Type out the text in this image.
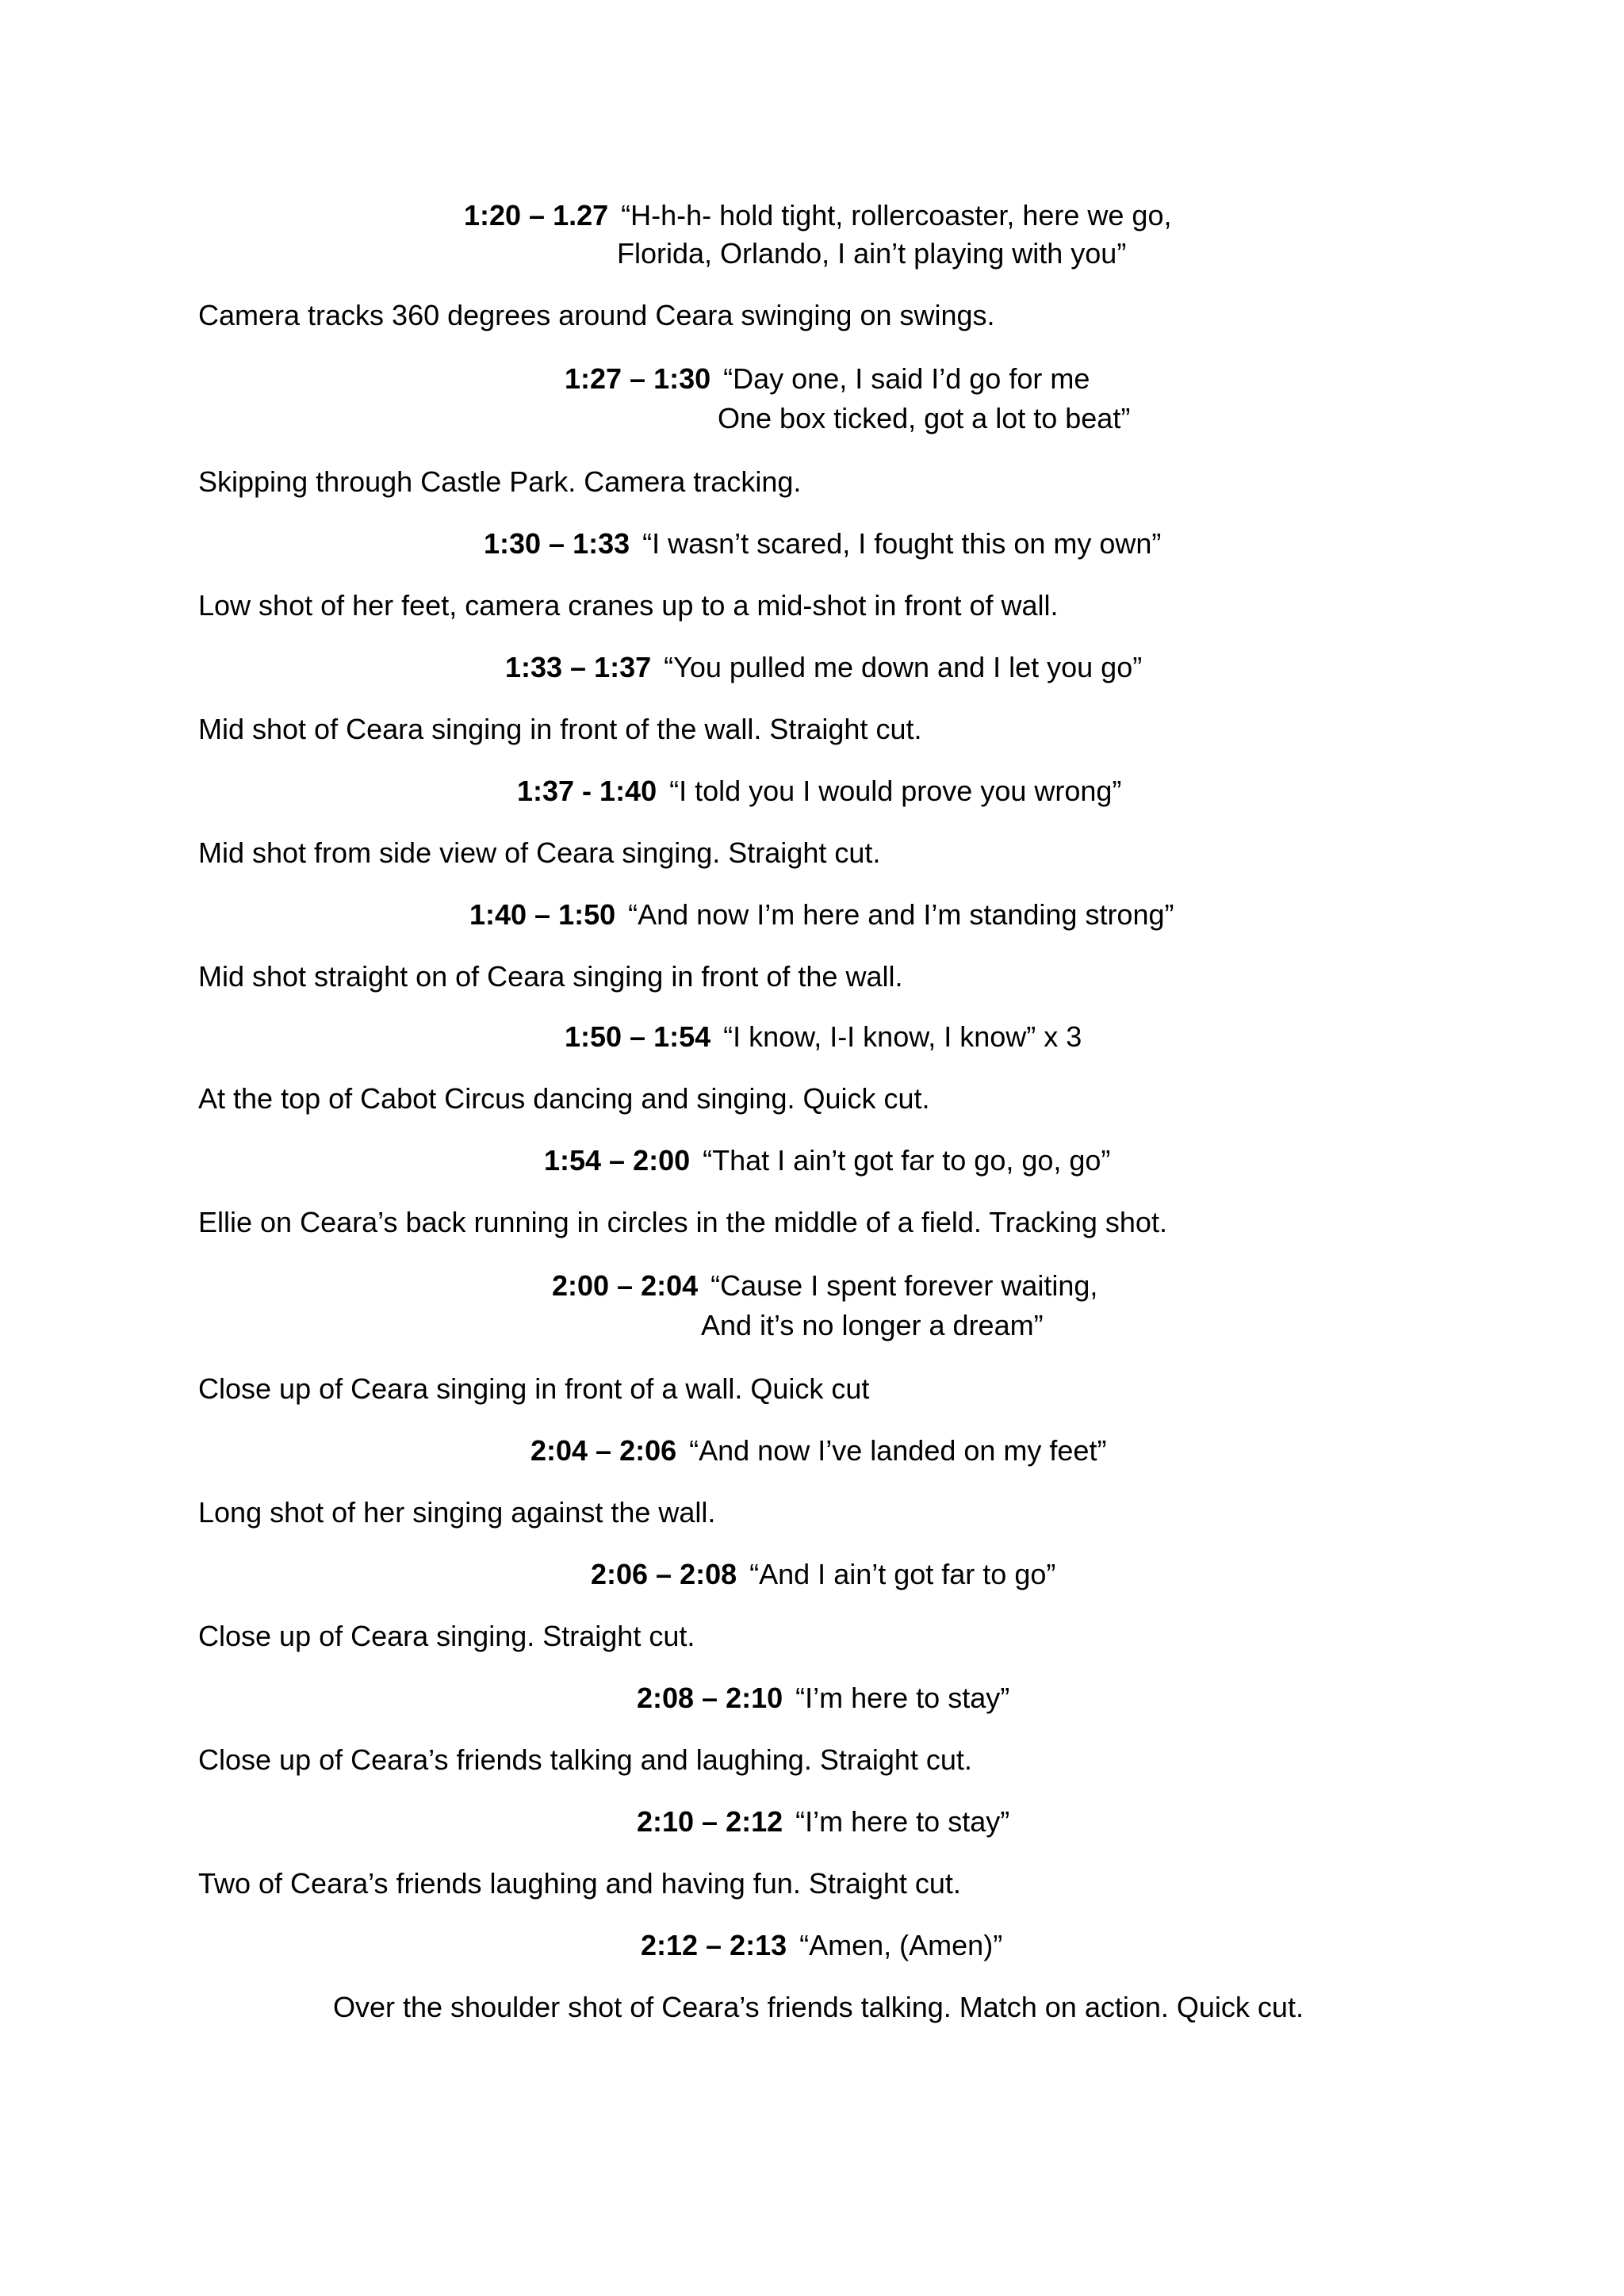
1:20 – 1.27 “H-h-h- hold tight, rollercoaster, here we go,
Florida, Orlando, I ain’t playing with you”
Camera tracks 360 degrees around Ceara swinging on swings.
1:27 – 1:30 “Day one, I said I’d go for me
One box ticked, got a lot to beat”
Skipping through Castle Park. Camera tracking.
1:30 – 1:33 “I wasn’t scared, I fought this on my own”
Low shot of her feet, camera cranes up to a mid-shot in front of wall.
1:33 – 1:37 “You pulled me down and I let you go”
Mid shot of Ceara singing in front of the wall. Straight cut.
1:37 - 1:40 “I told you I would prove you wrong”
Mid shot from side view of Ceara singing. Straight cut.
1:40 – 1:50 “And now I’m here and I’m standing strong”
Mid shot straight on of Ceara singing in front of the wall.
1:50 – 1:54 “I know, I-I know, I know” x 3
At the top of Cabot Circus dancing and singing. Quick cut.
1:54 – 2:00 “That I ain’t got far to go, go, go”
Ellie on Ceara’s back running in circles in the middle of a field. Tracking shot.
2:00 – 2:04 “Cause I spent forever waiting,
And it’s no longer a dream”
Close up of Ceara singing in front of a wall. Quick cut
2:04 – 2:06 “And now I’ve landed on my feet”
Long shot of her singing against the wall.
2:06 – 2:08 “And I ain’t got far to go”
Close up of Ceara singing. Straight cut.
2:08 – 2:10 “I’m here to stay”
Close up of Ceara’s friends talking and laughing. Straight cut.
2:10 – 2:12 “I’m here to stay”
Two of Ceara’s friends laughing and having fun. Straight cut.
2:12 – 2:13 “Amen, (Amen)”
Over the shoulder shot of Ceara’s friends talking. Match on action. Quick cut.
